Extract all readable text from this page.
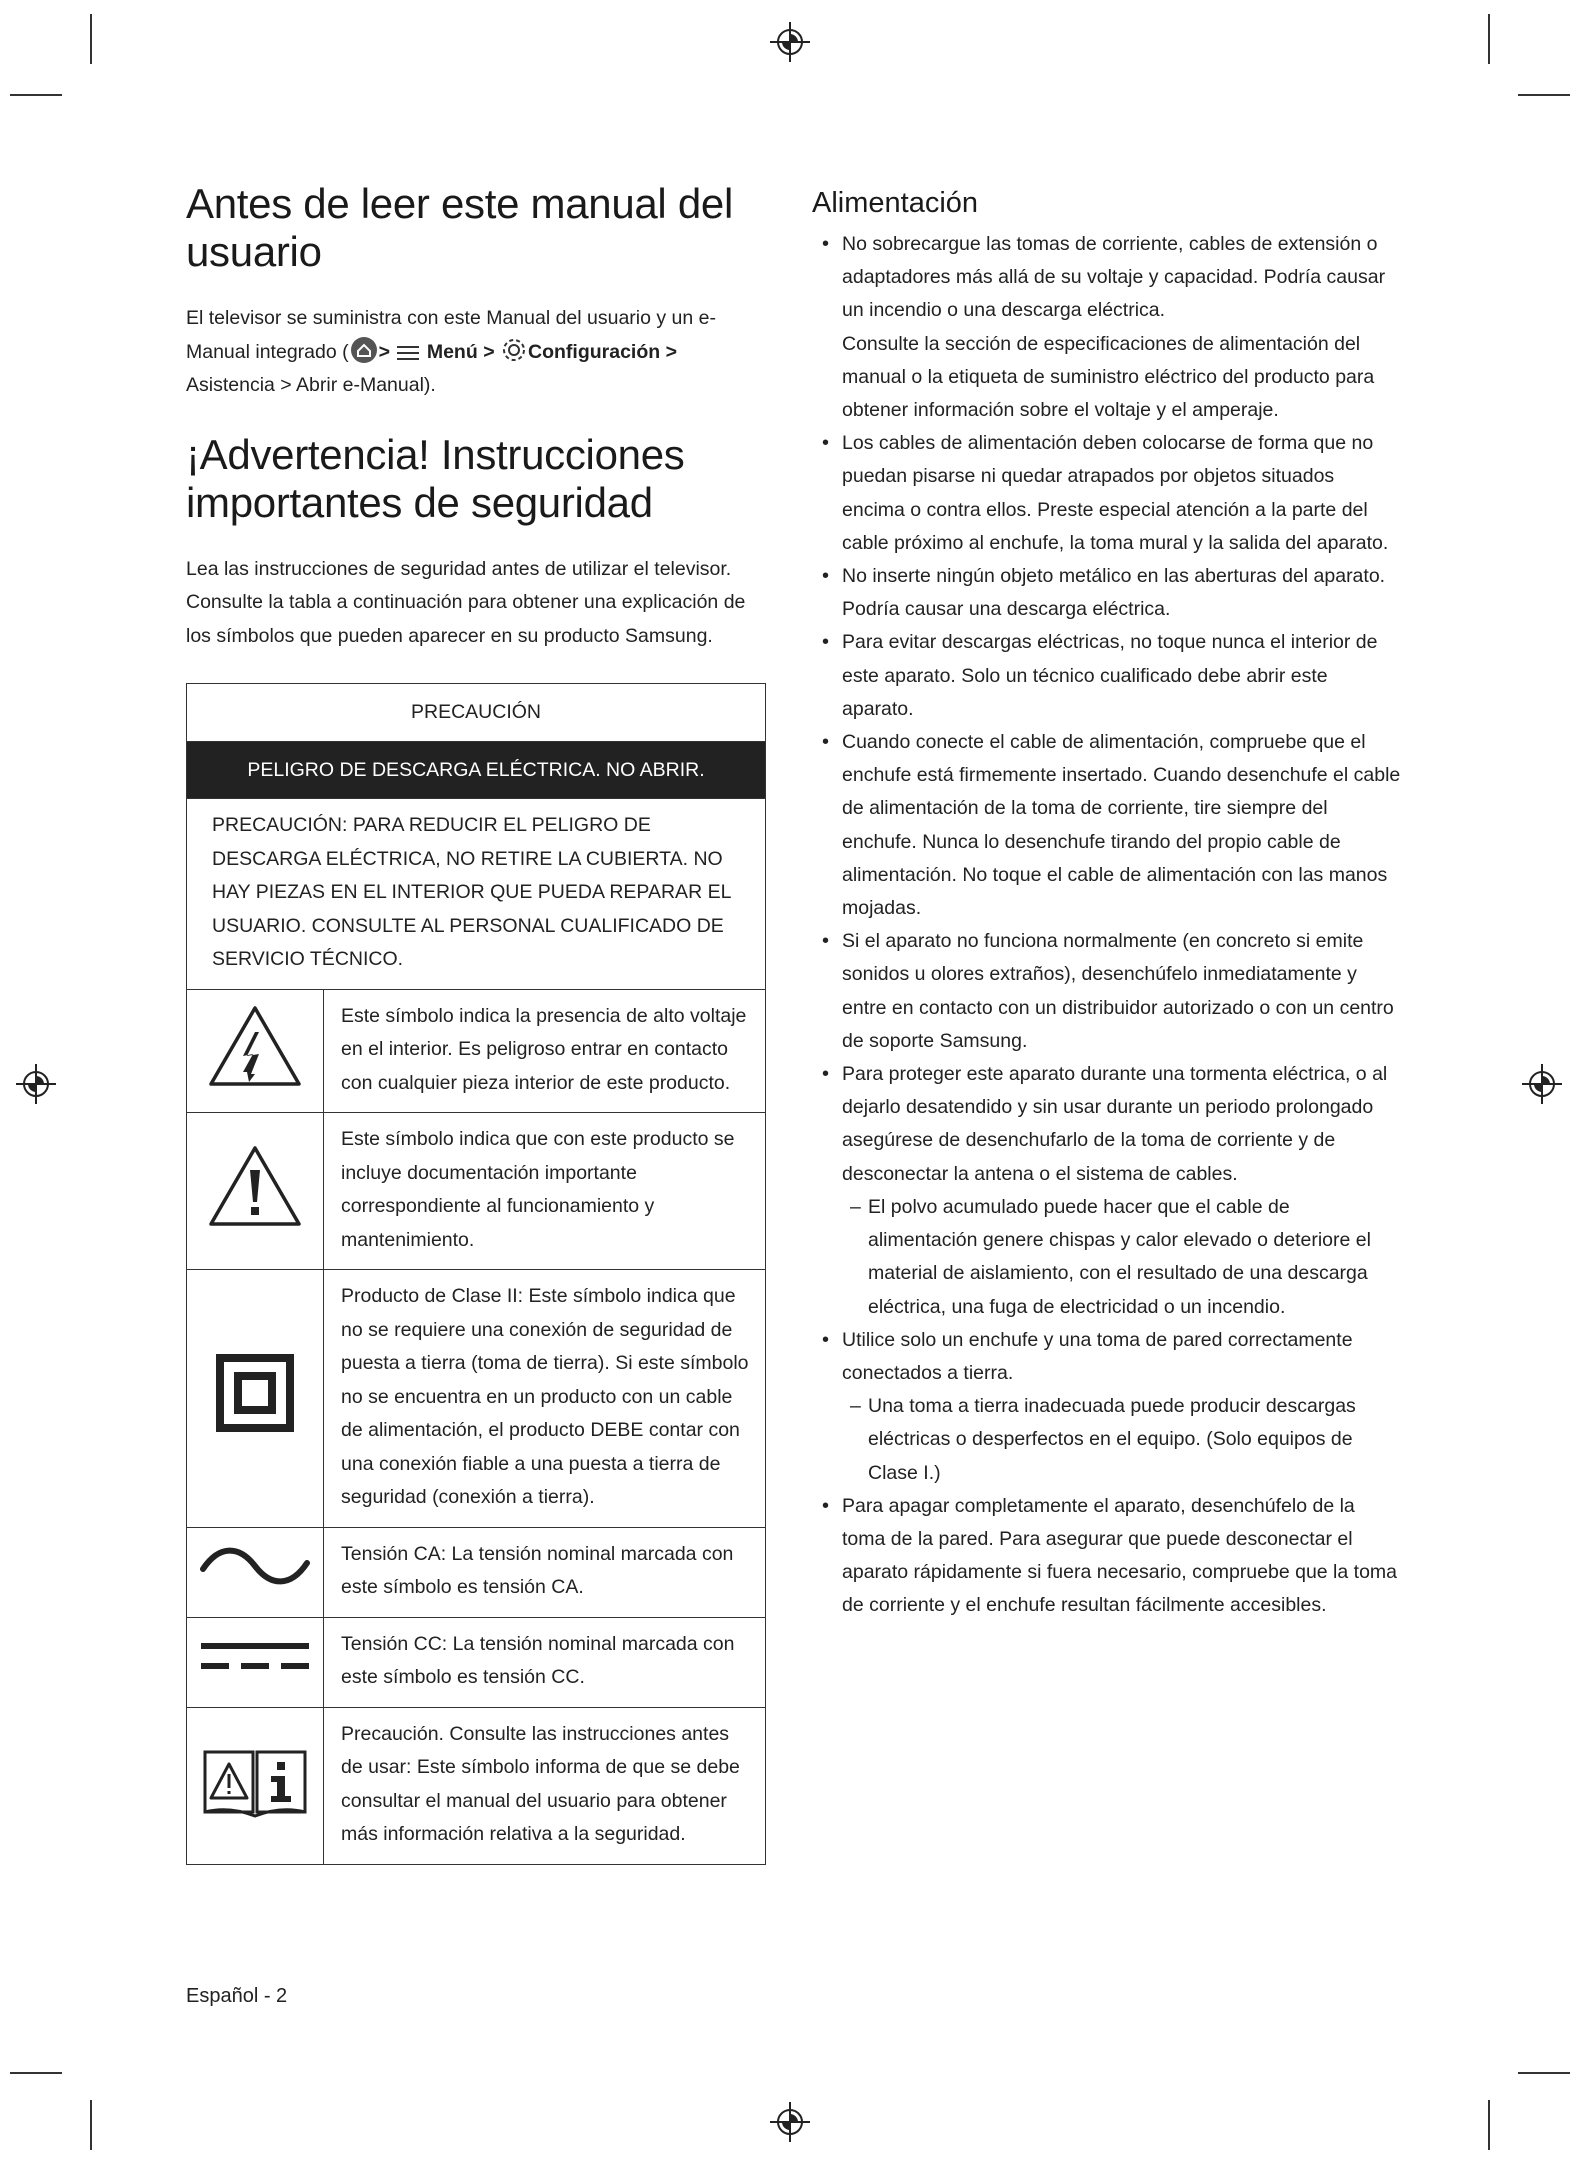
Antes de leer este manual del usuario

El televisor se suministra con este Manual del usuario y un e-Manual integrado ( > Menú > Configuración >
Asistencia > Abrir e-Manual).

¡Advertencia! Instrucciones importantes de seguridad

Lea las instrucciones de seguridad antes de utilizar el televisor. Consulte la tabla a continuación para obtener una explicación de los símbolos que pueden aparecer en su producto Samsung.

PRECAUCIÓN	
PELIGRO DE DESCARGA ELÉCTRICA. NO ABRIR.	
PRECAUCIÓN: PARA REDUCIR EL PELIGRO DE DESCARGA ELÉCTRICA, NO RETIRE LA CUBIERTA. NO HAY PIEZAS EN EL INTERIOR QUE PUEDA REPARAR EL USUARIO. CONSULTE AL PERSONAL CUALIFICADO DE SERVICIO TÉCNICO.	
	Este símbolo indica la presencia de alto voltaje en el interior. Es peligroso entrar en contacto con cualquier pieza interior de este producto.
	Este símbolo indica que con este producto se incluye documentación importante correspondiente al funcionamiento y mantenimiento.
	Producto de Clase II: Este símbolo indica que no se requiere una conexión de seguridad de puesta a tierra (toma de tierra). Si este símbolo no se encuentra en un producto con un cable de alimentación, el producto DEBE contar con una conexión fiable a una puesta a tierra de seguridad (conexión a tierra).
	Tensión CA: La tensión nominal marcada con este símbolo es tensión CA.
	Tensión CC: La tensión nominal marcada con este símbolo es tensión CC.
	Precaución. Consulte las instrucciones antes de usar: Este símbolo informa de que se debe consultar el manual del usuario para obtener más información relativa a la seguridad.
Alimentación
• No sobrecargue las tomas de corriente, cables de extensión o adaptadores más allá de su voltaje y capacidad. Podría causar un incendio o una descarga eléctrica.
Consulte la sección de especificaciones de alimentación del manual o la etiqueta de suministro eléctrico del producto para obtener información sobre el voltaje y el amperaje.
• Los cables de alimentación deben colocarse de forma que no puedan pisarse ni quedar atrapados por objetos situados encima o contra ellos. Preste especial atención a la parte del cable próximo al enchufe, la toma mural y la salida del aparato.
• No inserte ningún objeto metálico en las aberturas del aparato. Podría causar una descarga eléctrica.
• Para evitar descargas eléctricas, no toque nunca el interior de este aparato. Solo un técnico cualificado debe abrir este aparato.
• Cuando conecte el cable de alimentación, compruebe que el enchufe está firmemente insertado. Cuando desenchufe el cable de alimentación de la toma de corriente, tire siempre del enchufe. Nunca lo desenchufe tirando del propio cable de alimentación. No toque el cable de alimentación con las manos mojadas.
• Si el aparato no funciona normalmente (en concreto si emite sonidos u olores extraños), desenchúfelo inmediatamente y entre en contacto con un distribuidor autorizado o con un centro de soporte Samsung.
• Para proteger este aparato durante una tormenta eléctrica, o al dejarlo desatendido y sin usar durante un periodo prolongado asegúrese de desenchufarlo de la toma de corriente y de desconectar la antena o el sistema de cables.
– El polvo acumulado puede hacer que el cable de alimentación genere chispas y calor elevado o deteriore el material de aislamiento, con el resultado de una descarga eléctrica, una fuga de electricidad o un incendio.
• Utilice solo un enchufe y una toma de pared correctamente conectados a tierra.
– Una toma a tierra inadecuada puede producir descargas eléctricas o desperfectos en el equipo. (Solo equipos de Clase I.)
• Para apagar completamente el aparato, desenchúfelo de la toma de la pared. Para asegurar que puede desconectar el aparato rápidamente si fuera necesario, compruebe que la toma de corriente y el enchufe resultan fácilmente accesibles.
Español - 2
